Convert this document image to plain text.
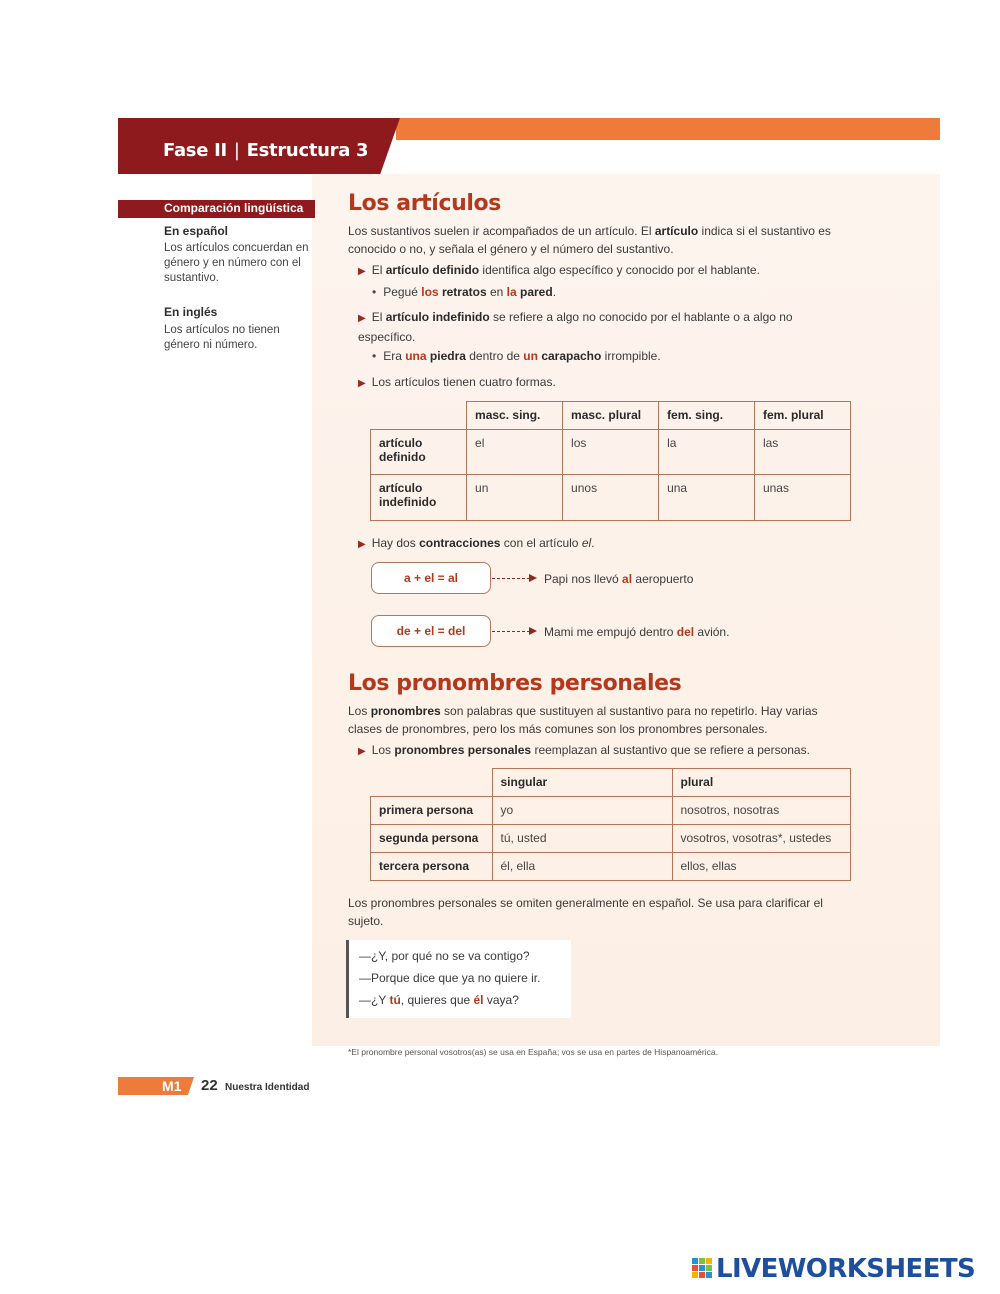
Fase II | Estructura 3
Comparación lingüística
En español
Los artículos concuerdan en género y en número con el sustantivo.
En inglés
Los artículos no tienen género ni número.
Los artículos
Los sustantivos suelen ir acompañados de un artículo. El artículo indica si el sustantivo es conocido o no, y señala el género y el número del sustantivo.
▶ El artículo definido identifica algo específico y conocido por el hablante.
• Pegué los retratos en la pared.
▶ El artículo indefinido se refiere a algo no conocido por el hablante o a algo no específico.
• Era una piedra dentro de un carapacho irrompible.
▶ Los artículos tienen cuatro formas.
	masc. sing.	masc. plural	fem. sing.	fem. plural
artículo definido	el	los	la	las
artículo indefinido	un	unos	una	unas
▶ Hay dos contracciones con el artículo el.
a + el = al	Papi nos llevó al aeropuerto
de + el = del	Mami me empujó dentro del avión.
Los pronombres personales
Los pronombres son palabras que sustituyen al sustantivo para no repetirlo. Hay varias clases de pronombres, pero los más comunes son los pronombres personales.
▶ Los pronombres personales reemplazan al sustantivo que se refiere a personas.
	singular	plural
primera persona	yo	nosotros, nosotras
segunda persona	tú, usted	vosotros, vosotras*, ustedes
tercera persona	él, ella	ellos, ellas
Los pronombres personales se omiten generalmente en español. Se usa para clarificar el sujeto.
—¿Y, por qué no se va contigo?
—Porque dice que ya no quiere ir.
—¿Y tú, quieres que él vaya?
*El pronombre personal vosotros(as) se usa en España; vos se usa en partes de Hispanoamérica.
M1 22 Nuestra Identidad
LIVEWORKSHEETS
